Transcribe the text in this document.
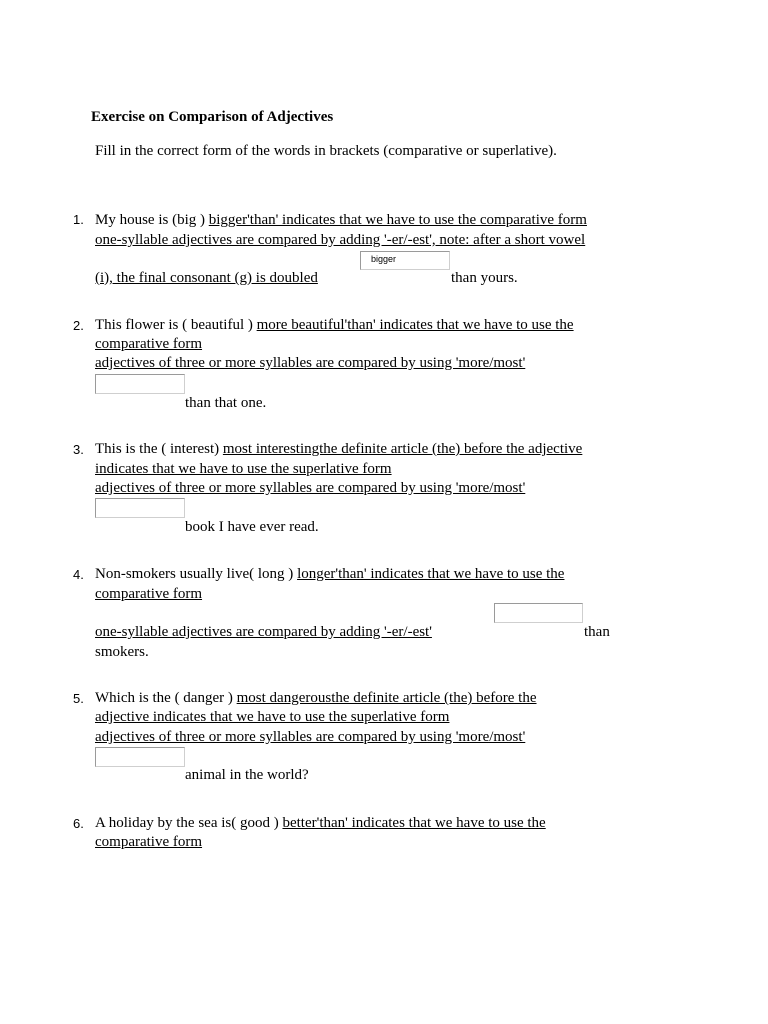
Exercise on Comparison of Adjectives
Fill in the correct form of the words in brackets (comparative or superlative).
1. My house is (big ) bigger'than' indicates that we have to use the comparative form
one-syllable adjectives are compared by adding '-er/-est', note: after a short vowel
(i), the final consonant (g) is doubled
bigger
than yours.
2. This flower is ( beautiful ) more beautiful'than' indicates that we have to use the
comparative form
adjectives of three or more syllables are compared by using 'more/most'
than that one.
3. This is the ( interest) most interestingthe definite article (the) before the adjective
indicates that we have to use the superlative form
adjectives of three or more syllables are compared by using 'more/most'
book I have ever read.
4. Non-smokers usually live( long ) longer'than' indicates that we have to use the
comparative form
one-syllable adjectives are compared by adding '-er/-est'	than
smokers.
5. Which is the ( danger ) most dangerousthe definite article (the) before the
adjective indicates that we have to use the superlative form
adjectives of three or more syllables are compared by using 'more/most'
animal in the world?
6. A holiday by the sea is( good ) better'than' indicates that we have to use the
comparative form
